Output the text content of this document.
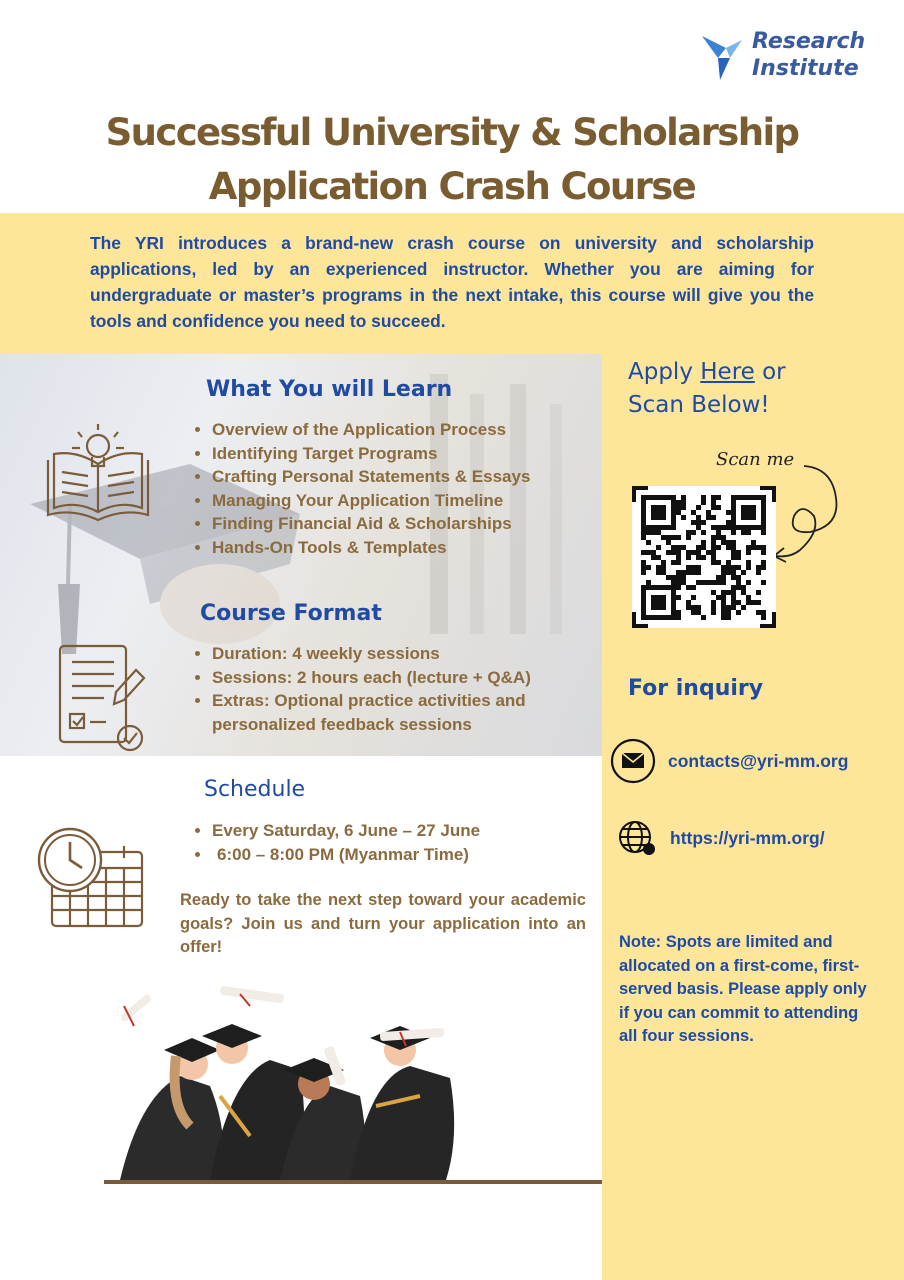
Research
Institute
Successful University & Scholarship
Application Crash Course
The YRI introduces a brand-new crash course on university and scholarship applications, led by an experienced instructor. Whether you are aiming for undergraduate or master’s programs in the next intake, this course will give you the tools and confidence you need to succeed.
What You will Learn
• Overview of the Application Process
• Identifying Target Programs
• Crafting Personal Statements & Essays
• Managing Your Application Timeline
• Finding Financial Aid & Scholarships
• Hands-On Tools & Templates
Course Format
• Duration: 4 weekly sessions
• Sessions: 2 hours each (lecture + Q&A)
• Extras: Optional practice activities and personalized feedback sessions
Schedule
• Every Saturday, 6 June – 27 June
• 6:00 – 8:00 PM (Myanmar Time)
Ready to take the next step toward your academic goals? Join us and turn your application into an offer!
Apply Here or
Scan Below!
Scan me
For inquiry
contacts@yri-mm.org
https://yri-mm.org/
Note: Spots are limited and allocated on a first-come, first-served basis. Please apply only if you can commit to attending all four sessions.
